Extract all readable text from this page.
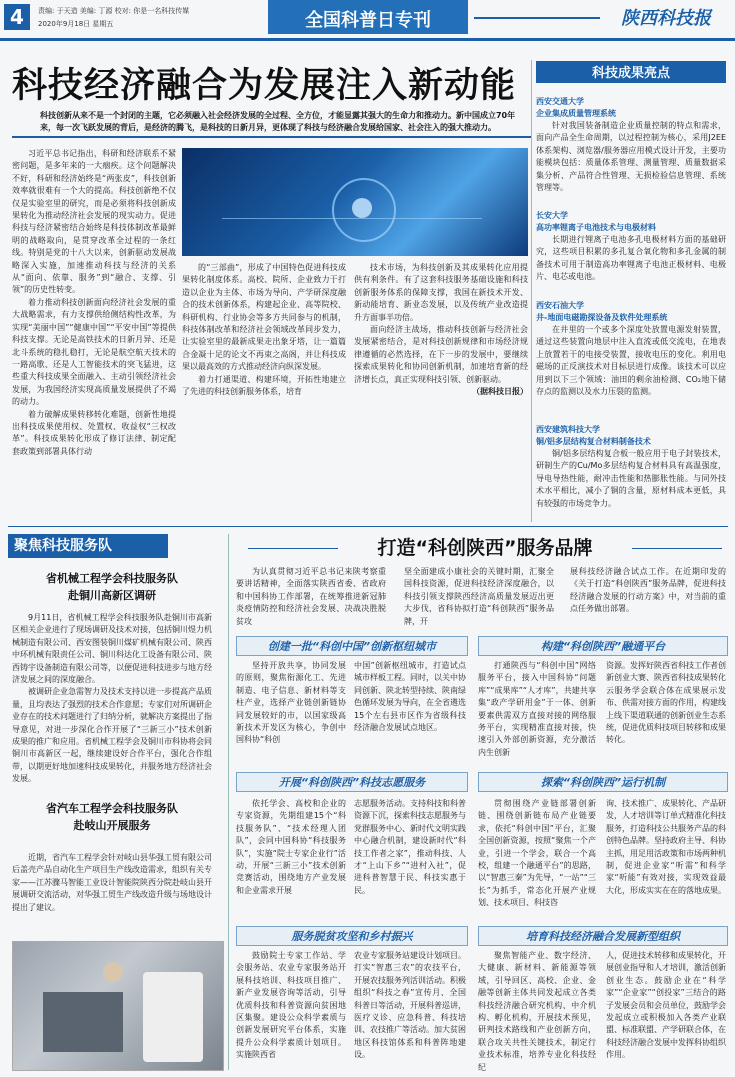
4	责编: 于天造 美编: 丁源 校对: 你是一名科技传媒
2020年9月18日 星期五	全国科普日专刊	陕西科技报
科技经济融合为发展注入新动能
科技创新从来不是一个封闭的主题，它必须融入社会经济发展的全过程、全方位，才能显露其强大的生命力和推动力。新中国成立70年来，每一次飞跃发展的背后，是经济的腾飞，是科技的日新月异，更体现了科技与经济融合发展给国家、社会注入的强大推动力。

习近平总书记指出，科研和经济联系不紧密问题，是多年来的一大痼疾。这个问题解决不好，科研和经济始终是“两张皮”，科技创新效率就很难有一个大的提高。科技创新绝不仅仅是实验室里的研究，而是必须将科技创新成果转化为推动经济社会发展的现实动力。促进科技与经济紧密结合始终是科技体制改革最鲜明的战略取向，是贯穿改革全过程的一条红线。特别是党的十八大以来，创新驱动发展战略深入实施，加速推动科技与经济的关系从“面向、依靠、服务”到“融合、支撑、引领”的历史性转变。

着力推动科技创新面向经济社会发展的重大战略需求，有力支撑供给侧结构性改革，为实现“美丽中国”“健康中国”“平安中国”等提供科技支撑。无论是高铁技术的日新月异、还是北斗系统的稳扎稳打，无论是航空航天技术的一路高歌、还是人工智能技术的突飞猛进，这些重大科技成果全面融入、主动引领经济社会发展，为我国经济实现高质量发展提供了不竭的动力。

着力破解成果转移转化难题，创新性地提出科技成果使用权、处置权、收益权“三权改革”。科技成果转化形成了修订法律、制定配套政策到部署具体行动

的“三部曲”，形成了中国特色促进科技成果转化制度体系。高校、院所、企业致力于打造以企业为主体、市场为导向、产学研深度融合的技术创新体系，构建起企业、高等院校、科研机构、行业协会等多方共同参与的机制，科技体制改革和经济社会领域改革同步发力，让实验室里的最新成果走出象牙塔，让一篇篇合金凝十足的论文不再束之高阁，并让科技成果以最高效的方式推动经济向纵深发展。

着力打通渠道、构建环境，开拓性地建立了先进的科技创新服务体系，培育

技术市场，为科技创新及其成果转化应用提供有利条件。有了这套科技服务基础设施和科技创新服务体系的保障支撑，我国在新技术开发、新动能培育、新业态发展，以及传统产业改造提升方面事半功倍。

面向经济主战场，推动科技创新与经济社会发展紧密结合，是对科技创新规律和市场经济规律遵循的必然选择，在下一步的发展中，要继续探索成果转化和协同创新机制，加速培育新的经济增长点，真正实现科技引领、创新驱动。

（据科技日报）
科技成果亮点
西安交通大学
企业集成质量管理系统

针对我国装备制造企业质量控制的特点和需求，面向产品全生命周期，以过程控制为核心，采用J2EE体系架构、浏览器/服务器应用模式设计开发，主要功能模块包括：质量体系管理、测量管理、质量数据采集分析、产品符合性管理、无损检验信息管理、系统管理等。

长安大学
高功率锂离子电池技术与电极材料

长期进行锂离子电池多孔电极材料方面的基础研究，这些项目积累的多孔复合氧化物和多孔金属的制备技术可用于制造高功率锂离子电池正极材料、电极片、电芯或电池。

西安石油大学
井-地面电磁勘探设备及软件处理系统

在井里的一个或多个深度处放置电源发射装置，通过这些装置向地层中注入直流或低交流电，在地表上放置若干的电接受装置，接收电压的变化。利用电磁场的正反演技术对目标层进行成像。该技术可以应用到以下三个领域：油田的剩余油检测、CO₂地下储存点的监测以及水力压裂的监测。

西安建筑科技大学
铜/铝多层结构复合材料制备技术

铜/铝多层结构复合板一般应用于电子封装技术，研制生产的Cu/Mo多层结构复合材料具有高温强度，导电导热性能，耐冲击性能和热膨胀性能。与同外技术水平相比，减小了铜的含量，原材料成本更低，具有较强的市场竞争力。

聚焦科技服务队
省机械工程学会科技服务队
赴铜川高新区调研

9月11日，省机械工程学会科技服务队赴铜川市高新区相关企业进行了现场调研及技术对接，包括铜川煜力机械制造有限公司、西安图装铜川煤矿机械有限公司、陕西中环机械有限责任公司、铜川科达化工设备有限公司、陕西铸宇设备制造有限公司等，以便促进科技进步与地方经济发展之间的深度融合。

被调研企业急需智力及技术支持以进一步提高产品质量，且均表达了强烈的技术合作意愿；专家们对所调研企业存在的技术问题进行了归纳分析，就解决方案提出了指导意见，对进一步深化合作开展了“三新三小”技术创新成果的推广和应用。省机械工程学会及铜川市科协将会同铜川市高新区一起，继续建设好合作平台，强化合作组带，以期更好地加速科技成果转化，并服务地方经济社会发展。

省汽车工程学会科技服务队
赴岐山开展服务

近期，省汽车工程学会针对岐山县华强工贸有限公司后盖壳产品自动化生产项目生产线改造需求，组织有关专家——江苏骤马智能工业设计智能院陕西分院赴岐山县开展调研交流活动，对华强工贸生产线改造升级与场地设计提出了建议。

打造“科创陕西”服务品牌

为认真贯彻习近平总书记来陕考察重要讲话精神，全面落实陕西省委、省政府和中国科协工作部署，在统筹推进新冠肺炎疫情防控和经济社会发展、决战决胜脱贫攻

坚全面建成小康社会的关键时期，汇聚全国科技资源，促进科技经济深度融合，以科技引领支撑陕西经济高质量发展迈出更大步伐，省科协拟打造“科创陕西”服务品牌，开

展科技经济融合试点工作。在近期印发的《关于打造“科创陕西”服务品牌，促进科技经济融合发展的行动方案》中，对当前的重点任务做出部署。

创建一批“科创中国”创新枢纽城市

坚持开放共享，协同发展的原则，聚焦衔源化工、先进制造、电子信息、新材料等支柱产业，选择产业链创新链协同发展较好的市，以国家级高新技术开发区为核心，争创中国科协“科创

中国”创新枢纽城市，打造试点城市样板工程。同时，以关中协同创新、陕北转型持续、陕南绿色循环发展为导向，在全省遴选15个左右县市区作为省级科技经济融合发展试点地区。

构建“科创陕西”融通平台

打通陕西与“科创中国”网络服务平台，接入中国科协“问题库”“成果库”“人才库”，共建共享集“政产学研用金”于一体、创新要素供需双方直接对接的网络服务平台，实现精准直接对接，快速引入外部创新资源，充分激活内生创新

资源。发挥好陕西省科技工作者创新创业大赛、陕西省科技成果转化云服务学会联合体在成果展示发布、供需对接方面的作用，构建线上线下渠道联通的创新创业生态系统，促进优质科技项目转移和成果转化。

开展“科创陕西”科技志愿服务

依托学会、高校和企业的专家资源，先期组建15个“科技服务队”、“技术经理人团队”，会同中国科协“科技服务队”，实施“院士专家企业行”活动，开展“三新三小”技术创新竞赛活动，围绕地方产业发展和企业需求开展

志愿服务活动。支持科技和科普资源下沉，探索科技志愿服务与党群服务中心、新时代文明实践中心融合机制，建设新时代“科技工作者之家”，推动科技、人才“上山下乡”“进村入社”，促进科普智慧于民、科技实惠于民。

探索“科创陕西”运行机制

贯彻围绕产业链部署创新链、围绕创新链布局产业链要求，依托“科创中国”平台，汇聚全国创新资源，按照“聚焦一个产业，引进一个学会，联合一个高校，组建一个融通平台”的思路，以“智惠三秦”为先导，“一站”“三长”为抓手，常态化开展产业规划、技术项目、科技咨

询、技术推广、成果转化、产品研发，人才培训等订单式精准化科技服务，打造科技公共服务产品的科创特色品牌。坚持政府主导、科协主抓，用足用活政策和市场两种机制，促进企业家“听需”和科学家“听能”有效对接，实现效益最大化，形成实实在在的落地成果。

服务脱贫攻坚和乡村振兴

鼓励院士专家工作站、学会服务站、农业专家服务站开展科技培训、科技项目推广、新产业发展咨询等活动，引导优质科技和科普资源向贫困地区集聚。建设公众科学素质与创新发展研究平台体系，实施提升公众科学素质计划项目。实施陕西省

农业专家服务站建设计划项目。打实“智惠三农”的农技平台，开展农技服务列活训活动。积极组织“科技之春”宣传月、全国科普日等活动，开展科普巡讲，医疗义诊、应急科普、科技培训、农技推广等活动。加大贫困地区科技馆体系和科普阵地建设。

培育科技经济融合发展新型组织

聚焦智能产业、数字经济、大健康、新材料、新能源等领域，引导回区、高校、企业、金融等创新主体共同发起成立各类科技经济融合研究机构、中介机构、孵化机构，开展技术预见，研判技术路线和产业创新方向，联合攻关共性关键技术，制定行业技术标准，培养专业化科技经纪

人，促进技术转移和成果转化，开展创业指导和人才培训，激活创新创业生态。鼓励企业在“科学家”“企业家”“创投家”三结合的路子发展会员和会员单位，鼓励学会发起成立或积极加入各类产业联盟、标准联盟、产学研联合体，在科技经济融合发展中发挥科协组织作用。
